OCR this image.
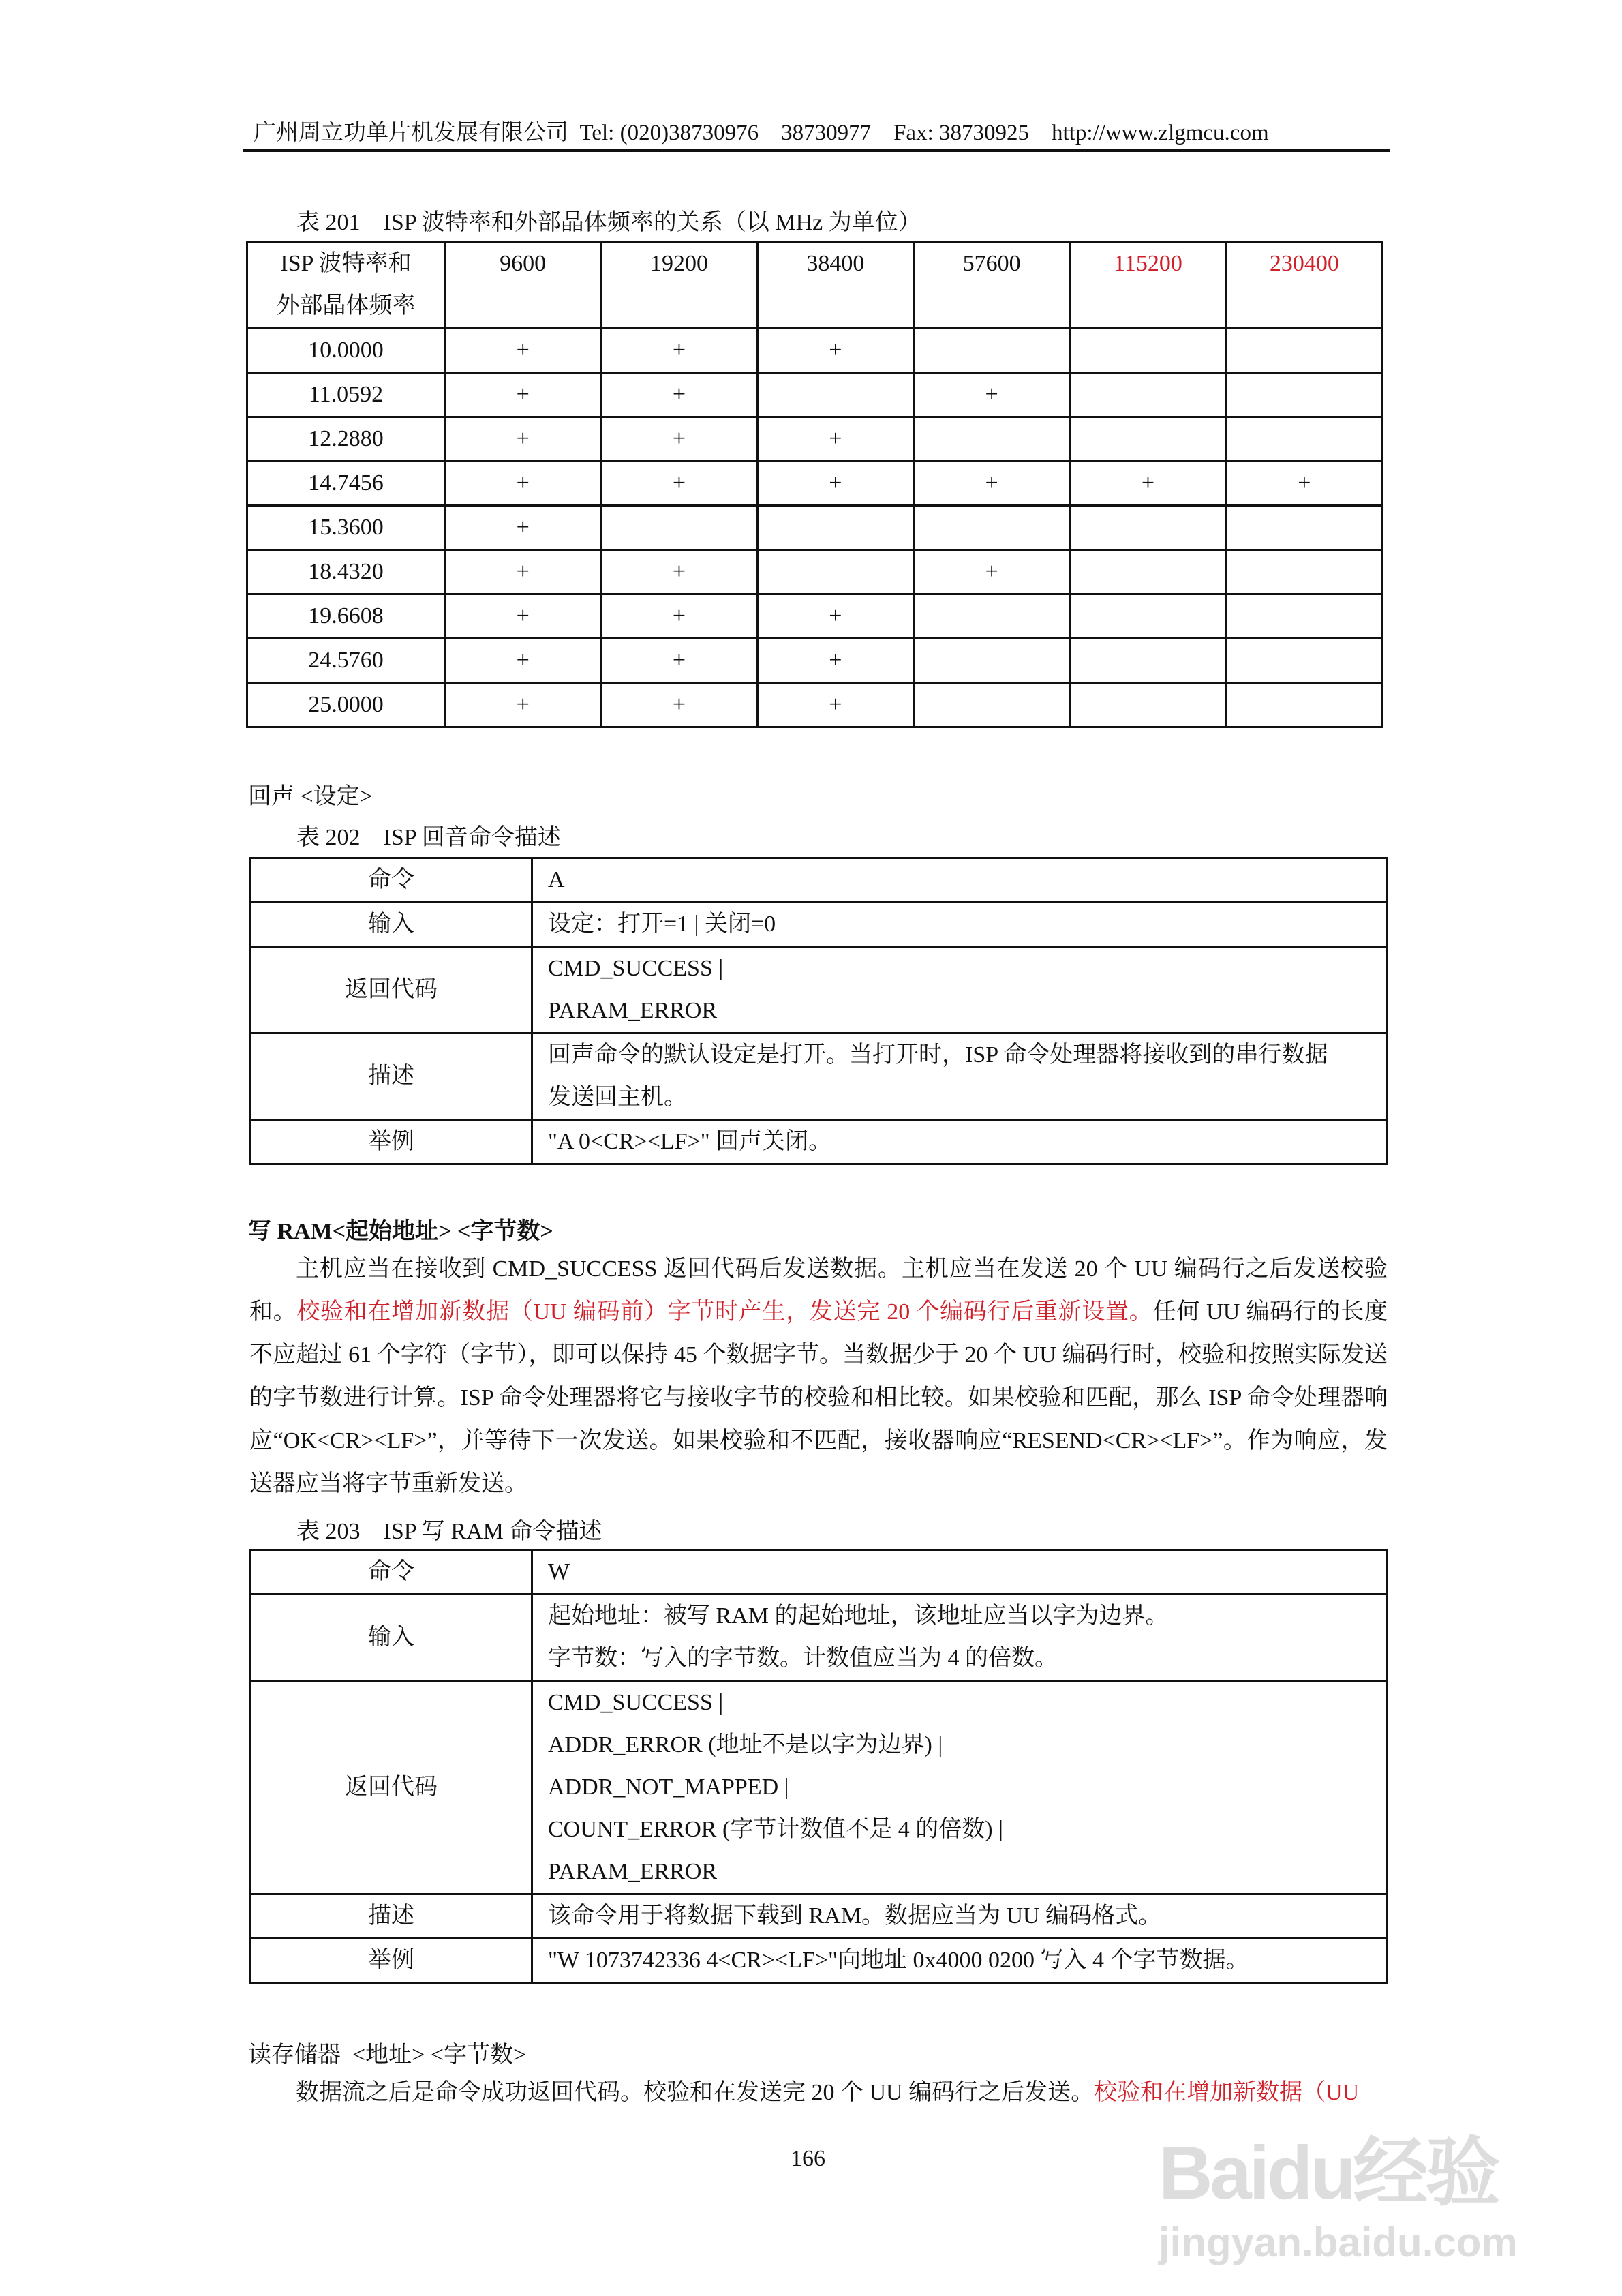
广州周立功单片机发展有限公司  Tel: (020)38730976    38730977    Fax: 38730925    http://www.zlgmcu.com
表 201    ISP 波特率和外部晶体频率的关系（以 MHz 为单位）
ISP 波特率和
外部晶体频率	9600	19200	38400	57600	115200	230400
10.0000	+	+	+			
11.0592	+	+		+		
12.2880	+	+	+			
14.7456	+	+	+	+	+	+
15.3600	+					
18.4320	+	+		+		
19.6608	+	+	+			
24.5760	+	+	+			
25.0000	+	+	+			
回声 <设定>
表 202    ISP 回音命令描述
命令	A
输入	设定：打开=1 | 关闭=0
返回代码	CMD_SUCCESS |
PARAM_ERROR

描述	回声命令的默认设定是打开。当打开时，ISP 命令处理器将接收到的串行数据
发送回主机。

举例	"A 0<CR><LF>" 回声关闭。
写 RAM<起始地址> <字节数>
主机应当在接收到 CMD_SUCCESS 返回代码后发送数据。主机应当在发送 20 个 UU 编码行之后发送校验和。校验和在增加新数据（UU 编码前）字节时产生，发送完 20 个编码行后重新设置。任何 UU 编码行的长度不应超过 61 个字符（字节），即可以保持 45 个数据字节。当数据少于 20 个 UU 编码行时，校验和按照实际发送的字节数进行计算。ISP 命令处理器将它与接收字节的校验和相比较。如果校验和匹配，那么 ISP 命令处理器响应“OK<CR><LF>”，并等待下一次发送。如果校验和不匹配，接收器响应“RESEND<CR><LF>”。作为响应，发送器应当将字节重新发送。
表 203    ISP 写 RAM 命令描述
命令	W
输入	起始地址：被写 RAM 的起始地址，该地址应当以字为边界。
字节数：写入的字节数。计数值应当为 4 的倍数。

返回代码	CMD_SUCCESS |
ADDR_ERROR (地址不是以字为边界) |
ADDR_NOT_MAPPED |
COUNT_ERROR (字节计数值不是 4 的倍数) |
PARAM_ERROR

描述	该命令用于将数据下载到 RAM。数据应当为 UU 编码格式。
举例	"W 1073742336 4<CR><LF>"向地址 0x4000 0200 写入 4 个字节数据。
读存储器  <地址> <字节数>
数据流之后是命令成功返回代码。校验和在发送完 20 个 UU 编码行之后发送。校验和在增加新数据（UU
166	Baidu经验
jingyan.baidu.com
